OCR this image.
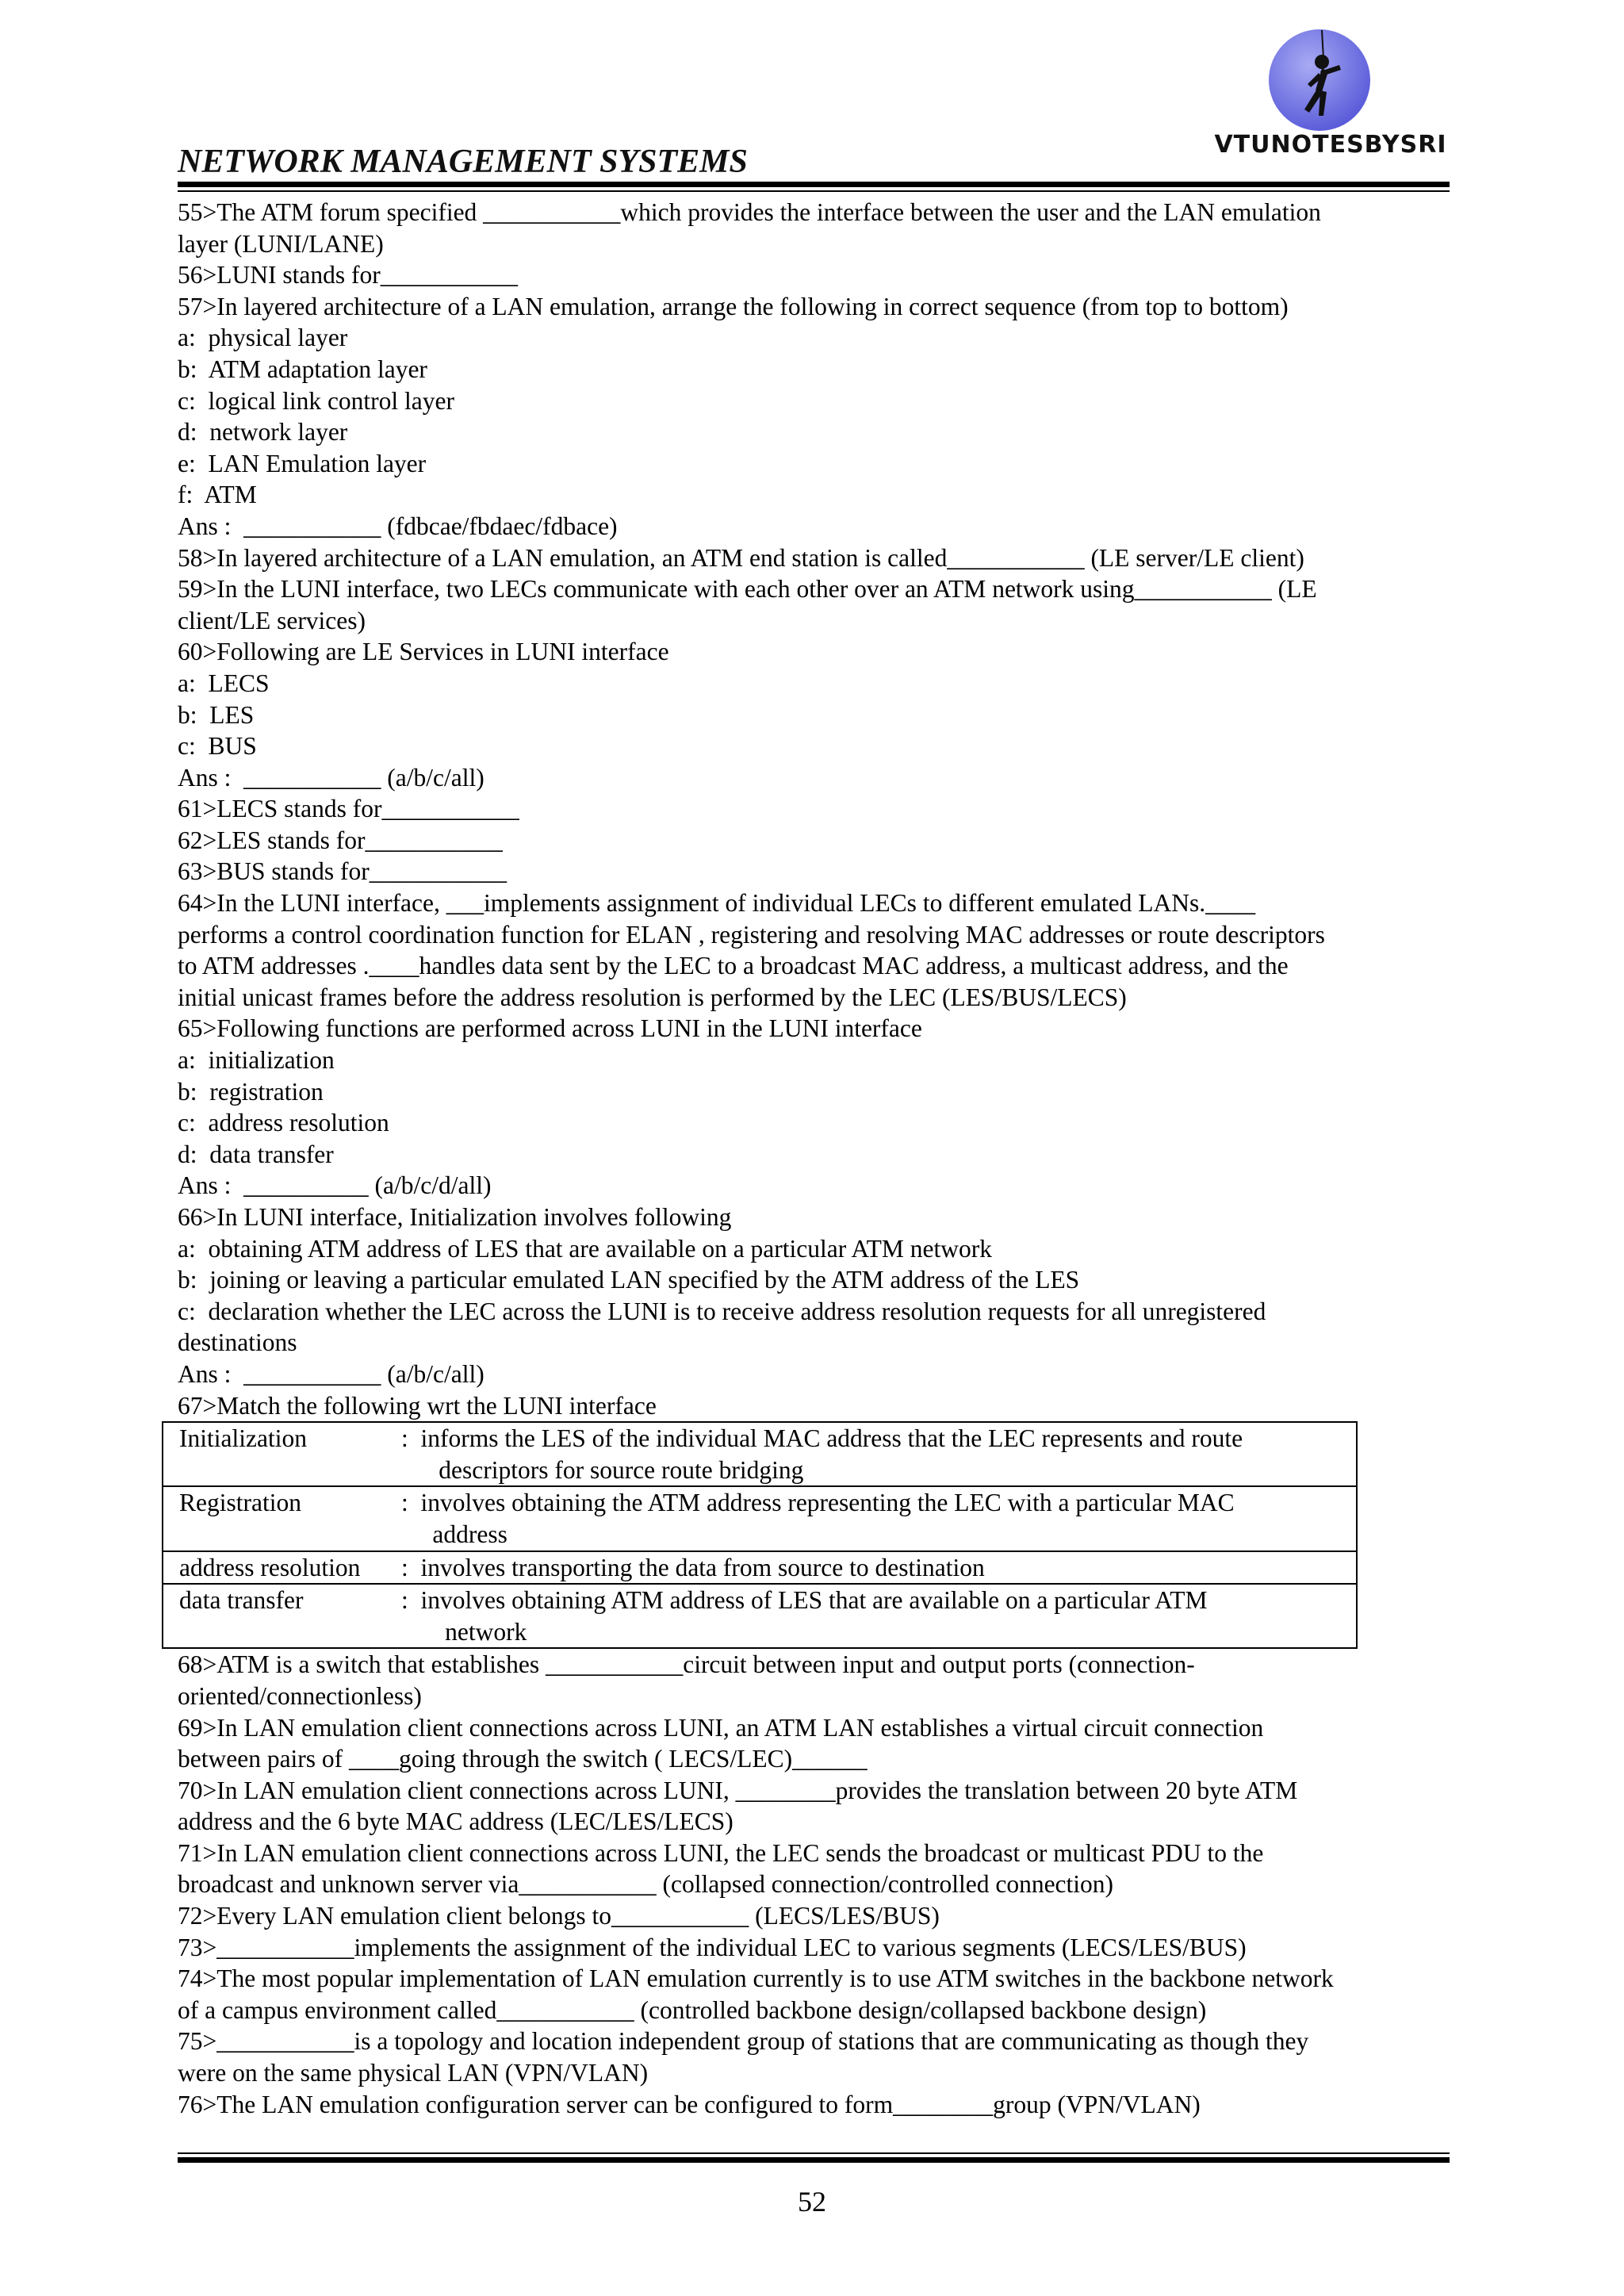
VTUNOTESBYSRI
NETWORK MANAGEMENT SYSTEMS
55>The ATM forum specified ___________which provides the interface between the user and the LAN emulation
layer (LUNI/LANE)
56>LUNI stands for___________
57>In layered architecture of a LAN emulation, arrange the following in correct sequence (from top to bottom)
a:  physical layer
b:  ATM adaptation layer
c:  logical link control layer
d:  network layer
e:  LAN Emulation layer
f:  ATM
Ans :  ___________ (fdbcae/fbdaec/fdbace)
58>In layered architecture of a LAN emulation, an ATM end station is called___________ (LE server/LE client)
59>In the LUNI interface, two LECs communicate with each other over an ATM network using___________ (LE
client/LE services)
60>Following are LE Services in LUNI interface
a:  LECS
b:  LES
c:  BUS
Ans :  ___________ (a/b/c/all)
61>LECS stands for___________
62>LES stands for___________
63>BUS stands for___________
64>In the LUNI interface, ___implements assignment of individual LECs to different emulated LANs.____
performs a control coordination function for ELAN , registering and resolving MAC addresses or route descriptors
to ATM addresses .____handles data sent by the LEC to a broadcast MAC address, a multicast address, and the
initial unicast frames before the address resolution is performed by the LEC (LES/BUS/LECS)
65>Following functions are performed across LUNI in the LUNI interface
a:  initialization
b:  registration
c:  address resolution
d:  data transfer
Ans :  __________ (a/b/c/d/all)
66>In LUNI interface, Initialization involves following
a:  obtaining ATM address of LES that are available on a particular ATM network
b:  joining or leaving a particular emulated LAN specified by the ATM address of the LES
c:  declaration whether the LEC across the LUNI is to receive address resolution requests for all unregistered
destinations
Ans :  ___________ (a/b/c/all)
67>Match the following wrt the LUNI interface
Initialization	:  informs the LES of the individual MAC address that the LEC represents and route
descriptors for source route bridging

Registration	:  involves obtaining the ATM address representing the LEC with a particular MAC
address

address resolution :  involves transporting the data from source to destination

data transfer	:  involves obtaining ATM address of LES that are available on a particular ATM
network
68>ATM is a switch that establishes ___________circuit between input and output ports (connection-
oriented/connectionless)
69>In LAN emulation client connections across LUNI, an ATM LAN establishes a virtual circuit connection
between pairs of ____going through the switch ( LECS/LEC)______
70>In LAN emulation client connections across LUNI, ________provides the translation between 20 byte ATM
address and the 6 byte MAC address (LEC/LES/LECS)
71>In LAN emulation client connections across LUNI, the LEC sends the broadcast or multicast PDU to the
broadcast and unknown server via___________ (collapsed connection/controlled connection)
72>Every LAN emulation client belongs to___________ (LECS/LES/BUS)
73>___________implements the assignment of the individual LEC to various segments (LECS/LES/BUS)
74>The most popular implementation of LAN emulation currently is to use ATM switches in the backbone network
of a campus environment called___________ (controlled backbone design/collapsed backbone design)
75>___________is a topology and location independent group of stations that are communicating as though they
were on the same physical LAN (VPN/VLAN)
76>The LAN emulation configuration server can be configured to form________group (VPN/VLAN)
52
